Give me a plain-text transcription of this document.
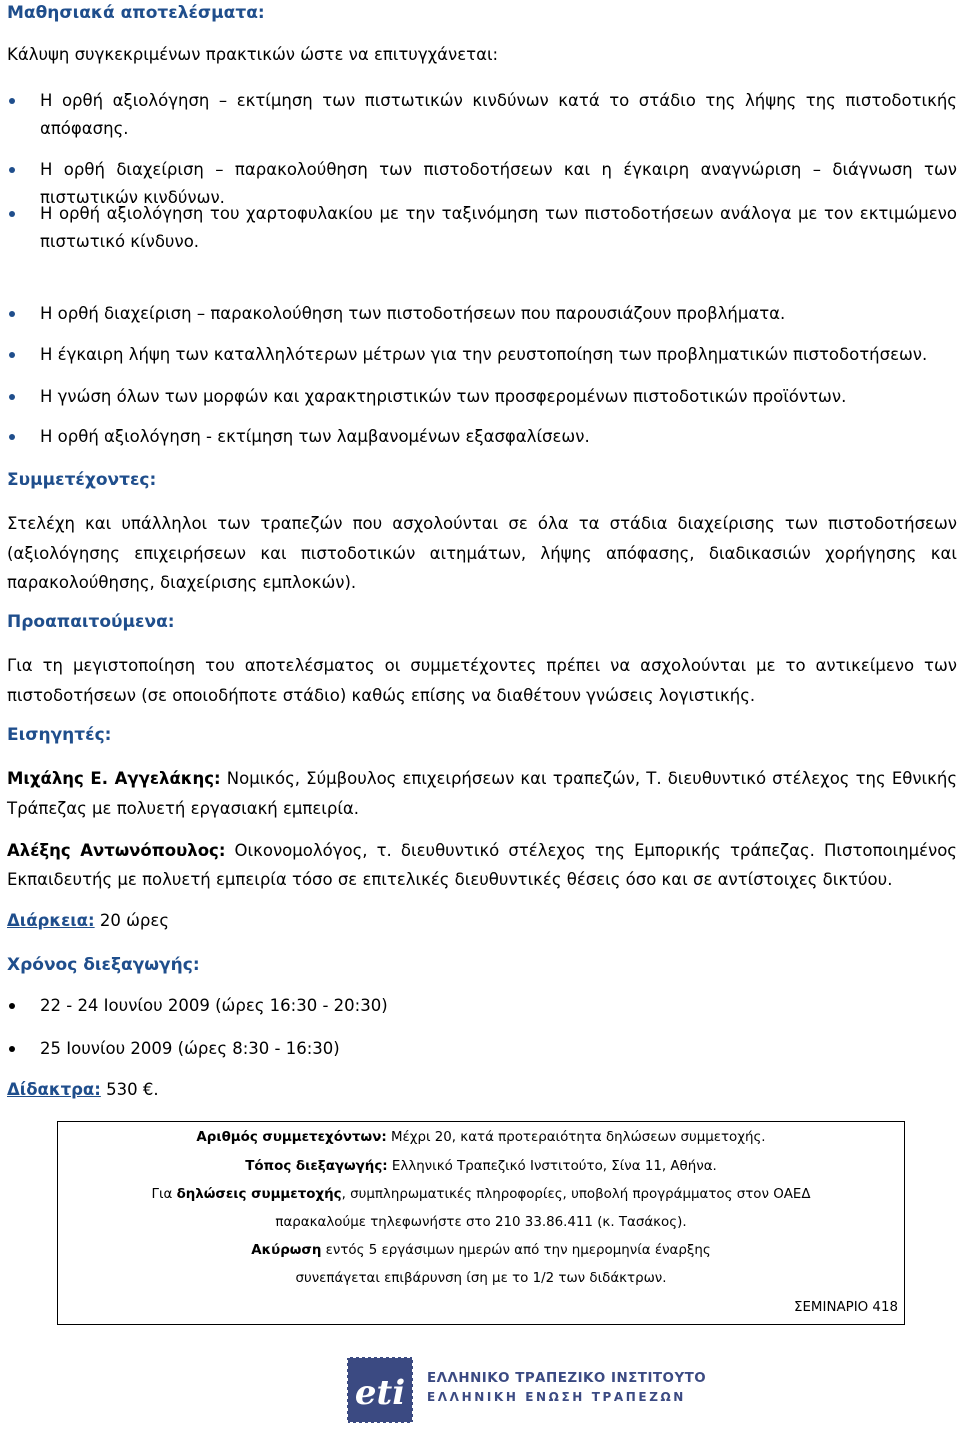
Μαθησιακά αποτελέσματα:

Κάλυψη συγκεκριμένων πρακτικών ώστε να επιτυγχάνεται:

Η ορθή αξιολόγηση – εκτίμηση των πιστωτικών κινδύνων κατά το στάδιο της λήψης της πιστοδοτικής
απόφασης.
Η ορθή διαχείριση – παρακολούθηση των πιστοδοτήσεων και η έγκαιρη αναγνώριση – διάγνωση των
πιστωτικών κινδύνων.
Η ορθή αξιολόγηση του χαρτοφυλακίου με την ταξινόμηση των πιστοδοτήσεων ανάλογα με τον εκτιμώμενο
πιστωτικό κίνδυνο.
Η ορθή διαχείριση – παρακολούθηση των πιστοδοτήσεων που παρουσιάζουν προβλήματα.
Η έγκαιρη λήψη των καταλληλότερων μέτρων για την ρευστοποίηση των προβληματικών πιστοδοτήσεων.
Η γνώση όλων των μορφών και χαρακτηριστικών των προσφερομένων πιστοδοτικών προϊόντων.
Η ορθή αξιολόγηση - εκτίμηση των λαμβανομένων εξασφαλίσεων.
Συμμετέχοντες:
Στελέχη και υπάλληλοι των τραπεζών που ασχολούνται σε όλα τα στάδια διαχείρισης των πιστοδοτήσεων
(αξιολόγησης επιχειρήσεων και πιστοδοτικών αιτημάτων, λήψης απόφασης, διαδικασιών χορήγησης και
παρακολούθησης, διαχείρισης εμπλοκών).
Προαπαιτούμενα:
Για τη μεγιστοποίηση του αποτελέσματος οι συμμετέχοντες πρέπει να ασχολούνται με το αντικείμενο των
πιστοδοτήσεων (σε οποιοδήποτε στάδιο) καθώς επίσης να διαθέτουν γνώσεις λογιστικής.
Εισηγητές:
Μιχάλης Ε. Αγγελάκης: Νομικός, Σύμβουλος επιχειρήσεων και τραπεζών, Τ. διευθυντικό στέλεχος της Εθνικής
Τράπεζας με πολυετή εργασιακή εμπειρία.
Αλέξης Αντωνόπουλος: Οικονομολόγος, τ. διευθυντικό στέλεχος της Εμπορικής τράπεζας. Πιστοποιημένος
Εκπαιδευτής με πολυετή εμπειρία τόσο σε επιτελικές διευθυντικές θέσεις όσο και σε αντίστοιχες δικτύου.
Διάρκεια: 20 ώρες
Χρόνος διεξαγωγής:
22 - 24 Ιουνίου 2009 (ώρες 16:30 - 20:30)
25 Ιουνίου 2009 (ώρες 8:30 - 16:30)
Δίδακτρα: 530 €.
Αριθμός συμμετεχόντων: Μέχρι 20, κατά προτεραιότητα δηλώσεων συμμετοχής.
Τόπος διεξαγωγής: Ελληνικό Τραπεζικό Ινστιτούτο, Σίνα 11, Αθήνα.
Για δηλώσεις συμμετοχής, συμπληρωματικές πληροφορίες, υποβολή προγράμματος στον ΟΑΕΔ
παρακαλούμε τηλεφωνήστε στο 210 33.86.411 (κ. Τασάκος).
Ακύρωση εντός 5 εργάσιμων ημερών από την ημερομηνία έναρξης
συνεπάγεται επιβάρυνση ίση με το 1/2 των διδάκτρων.
ΣΕΜΙΝΑΡΙΟ 418
eti ΕΛΛΗΝΙΚΟ ΤΡΑΠΕΖΙΚΟ ΙΝΣΤΙΤΟΥΤΟ
ΕΛΛΗΝΙΚΗ ΕΝΩΣΗ ΤΡΑΠΕΖΩΝ
